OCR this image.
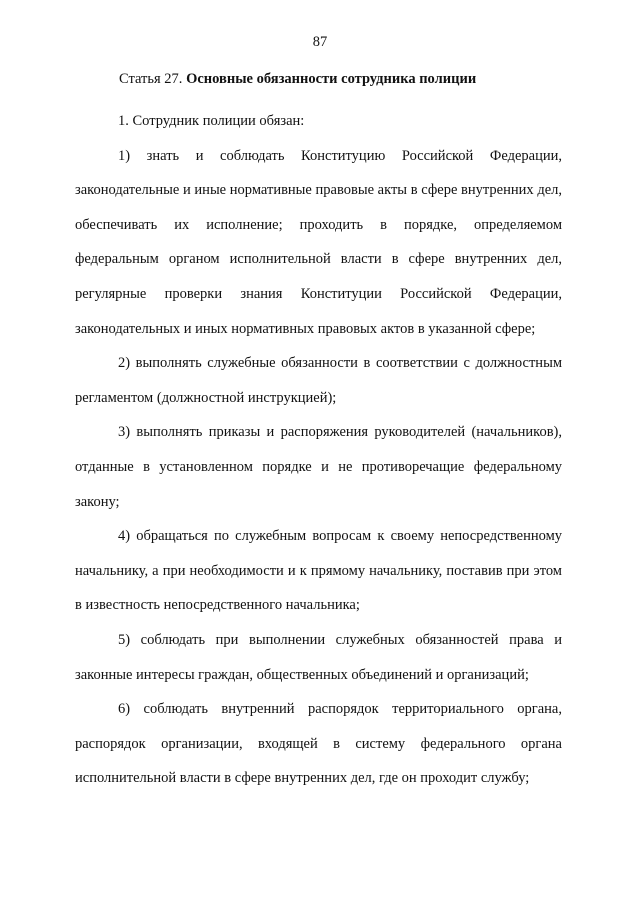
87
Статья 27. Основные обязанности сотрудника полиции

1. Сотрудник полиции обязан:

1) знать и соблюдать Конституцию Российской Федерации, законодательные и иные нормативные правовые акты в сфере внутренних дел, обеспечивать их исполнение; проходить в порядке, определяемом федеральным органом исполнительной власти в сфере внутренних дел, регулярные проверки знания Конституции Российской Федерации, законодательных и иных нормативных правовых актов в указанной сфере;

2) выполнять служебные обязанности в соответствии с должностным регламентом (должностной инструкцией);

3) выполнять приказы и распоряжения руководителей (начальников), отданные в установленном порядке и не противоречащие федеральному закону;

4) обращаться по служебным вопросам к своему непосредственному начальнику, а при необходимости и к прямому начальнику, поставив при этом в известность непосредственного начальника;

5) соблюдать при выполнении служебных обязанностей права и законные интересы граждан, общественных объединений и организаций;

6) соблюдать внутренний распорядок территориального органа, распорядок организации, входящей в систему федерального органа исполнительной власти в сфере внутренних дел, где он проходит службу;
